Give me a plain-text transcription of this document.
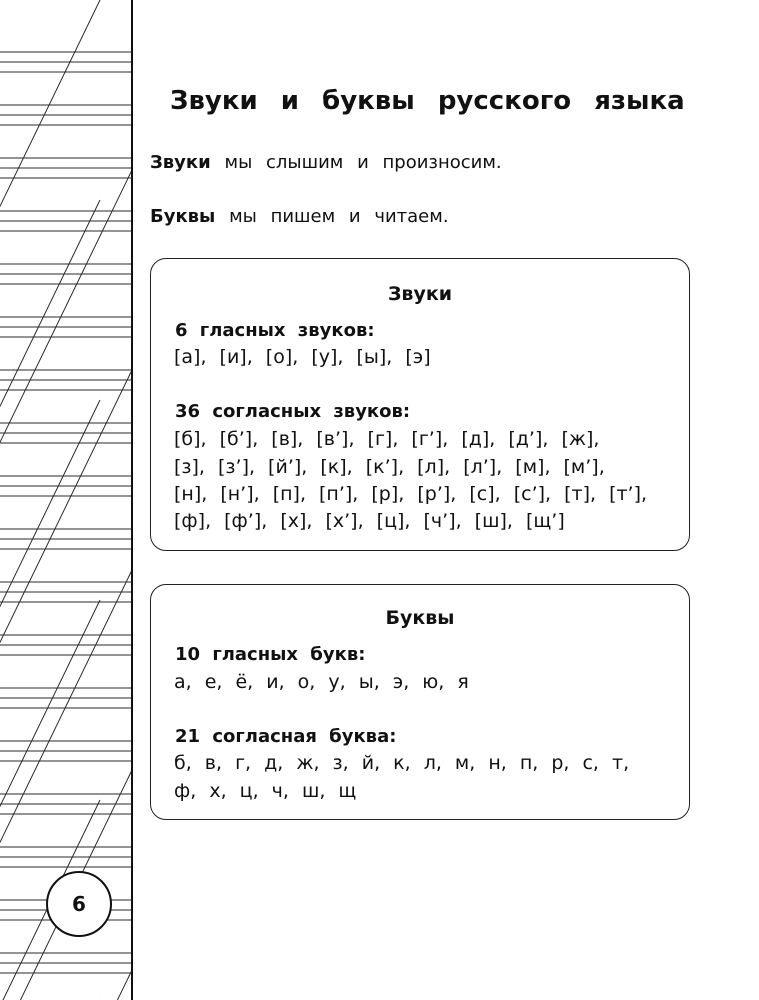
6
Звуки и буквы русского языка
Звуки мы слышим и произносим.
Буквы мы пишем и читаем.
Звуки
6 гласных звуков:
[а], [и], [о], [у], [ы], [э]
36 согласных звуков:
[б], [б’], [в], [в’], [г], [г’], [д], [д’], [ж],
[з], [з’], [й’], [к], [к’], [л], [л’], [м], [м’],
[н], [н’], [п], [п’], [р], [р’], [с], [с’], [т], [т’],
[ф], [ф’], [х], [х’], [ц], [ч’], [ш], [щ’]
Буквы
10 гласных букв:
а, е, ё, и, о, у, ы, э, ю, я
21 согласная буква:
б, в, г, д, ж, з, й, к, л, м, н, п, р, с, т,
ф, х, ц, ч, ш, щ
